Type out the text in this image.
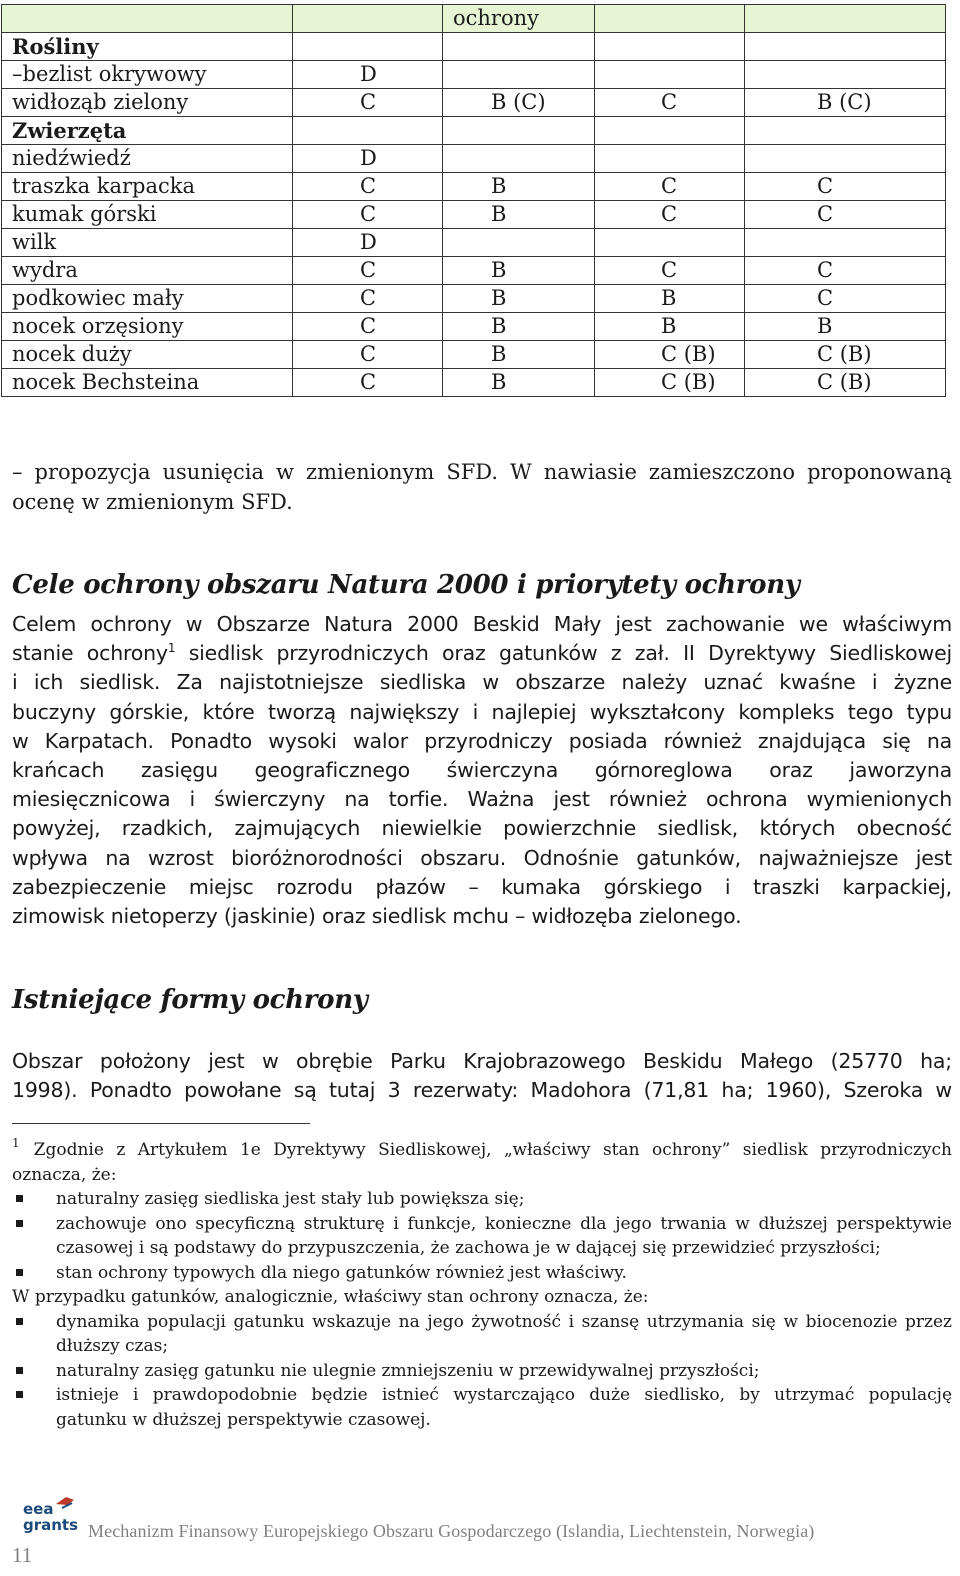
		ochrony		
Rośliny				
–bezlist okrywowy	D			
widłoząb zielony	C	B (C)	C	B (C)
Zwierzęta				
niedźwiedź	D			
traszka karpacka	C	B	C	C
kumak górski	C	B	C	C
wilk	D			
wydra	C	B	C	C
podkowiec mały	C	B	B	C
nocek orzęsiony	C	B	B	B
nocek duży	C	B	C (B)	C (B)
nocek Bechsteina	C	B	C (B)	C (B)
– propozycja usunięcia w zmienionym SFD. W nawiasie zamieszczono proponowaną
ocenę w zmienionym SFD.
Cele ochrony obszaru Natura 2000 i priorytety ochrony
Celem ochrony w Obszarze Natura 2000 Beskid Mały jest zachowanie we właściwym
stanie ochrony$^1$ siedlisk przyrodniczych oraz gatunków z zał. II Dyrektywy Siedliskowej
i ich siedlisk. Za najistotniejsze siedliska w obszarze należy uznać kwaśne i żyzne
buczyny górskie, które tworzą największy i najlepiej wykształcony kompleks tego typu
w Karpatach. Ponadto wysoki walor przyrodniczy posiada również znajdująca się na
krańcach zasięgu geograficznego świerczyna górnoreglowa oraz jaworzyna
miesięcznicowa i świerczyny na torfie. Ważna jest również ochrona wymienionych
powyżej, rzadkich, zajmujących niewielkie powierzchnie siedlisk, których obecność
wpływa na wzrost bioróżnorodności obszaru. Odnośnie gatunków, najważniejsze jest
zabezpieczenie miejsc rozrodu płazów – kumaka górskiego i traszki karpackiej,
zimowisk nietoperzy (jaskinie) oraz siedlisk mchu – widłozęba zielonego.
Istniejące formy ochrony
Obszar położony jest w obrębie Parku Krajobrazowego Beskidu Małego (25770 ha;
1998). Ponadto powołane są tutaj 3 rezerwaty: Madohora (71,81 ha; 1960), Szeroka w
$^1$ Zgodnie z Artykułem 1e Dyrektywy Siedliskowej, „właściwy stan ochrony” siedlisk przyrodniczych
oznacza, że:
naturalny zasięg siedliska jest stały lub powiększa się;
zachowuje ono specyficzną strukturę i funkcje, konieczne dla jego trwania w dłuższej perspektywie
czasowej i są podstawy do przypuszczenia, że zachowa je w dającej się przewidzieć przyszłości;
stan ochrony typowych dla niego gatunków również jest właściwy.
W przypadku gatunków, analogicznie, właściwy stan ochrony oznacza, że:
dynamika populacji gatunku wskazuje na jego żywotność i szansę utrzymania się w biocenozie przez
dłuższy czas;
naturalny zasięg gatunku nie ulegnie zmniejszeniu w przewidywalnej przyszłości;
istnieje i prawdopodobnie będzie istnieć wystarczająco duże siedlisko, by utrzymać populację
gatunku w dłuższej perspektywie czasowej.
eea
grants Mechanizm Finansowy Europejskiego Obszaru Gospodarczego (Islandia, Liechtenstein, Norwegia)
11
